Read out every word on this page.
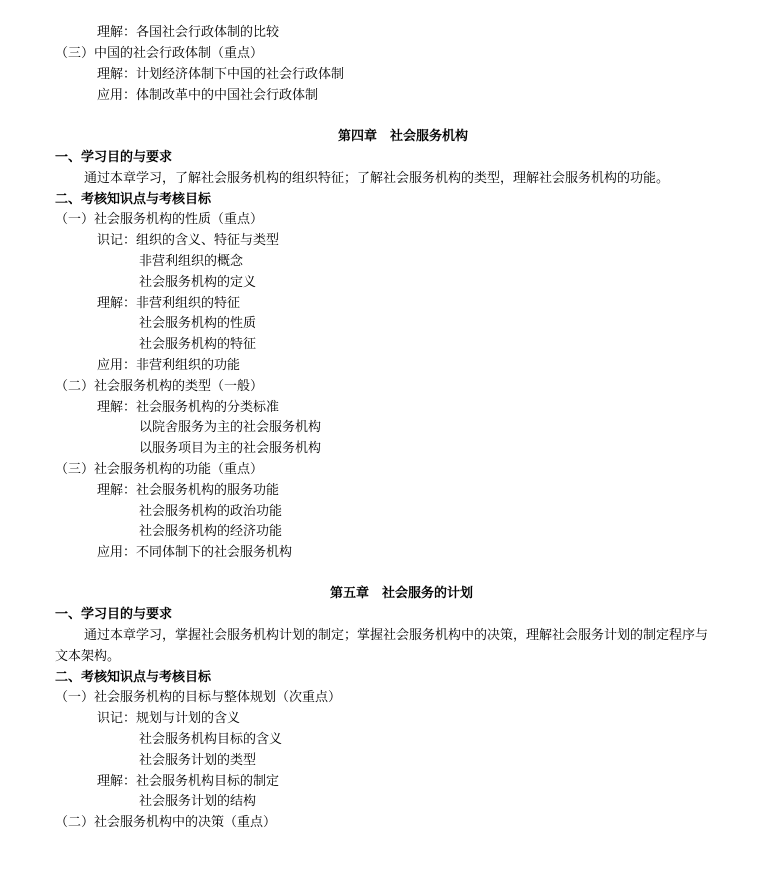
理解：各国社会行政体制的比较
（三）中国的社会行政体制（重点）
理解：计划经济体制下中国的社会行政体制
应用：体制改革中的中国社会行政体制
第四章　社会服务机构
一、学习目的与要求
通过本章学习，了解社会服务机构的组织特征；了解社会服务机构的类型，理解社会服务机构的功能。
二、考核知识点与考核目标
（一）社会服务机构的性质（重点）
识记：组织的含义、特征与类型
非营利组织的概念
社会服务机构的定义
理解：非营利组织的特征
社会服务机构的性质
社会服务机构的特征
应用：非营利组织的功能
（二）社会服务机构的类型（一般）
理解：社会服务机构的分类标准
以院舍服务为主的社会服务机构
以服务项目为主的社会服务机构
（三）社会服务机构的功能（重点）
理解：社会服务机构的服务功能
社会服务机构的政治功能
社会服务机构的经济功能
应用：不同体制下的社会服务机构
第五章　社会服务的计划
一、学习目的与要求
通过本章学习，掌握社会服务机构计划的制定；掌握社会服务机构中的决策，理解社会服务计划的制定程序与
文本架构。
二、考核知识点与考核目标
（一）社会服务机构的目标与整体规划（次重点）
识记：规划与计划的含义
社会服务机构目标的含义
社会服务计划的类型
理解：社会服务机构目标的制定
社会服务计划的结构
（二）社会服务机构中的决策（重点）
